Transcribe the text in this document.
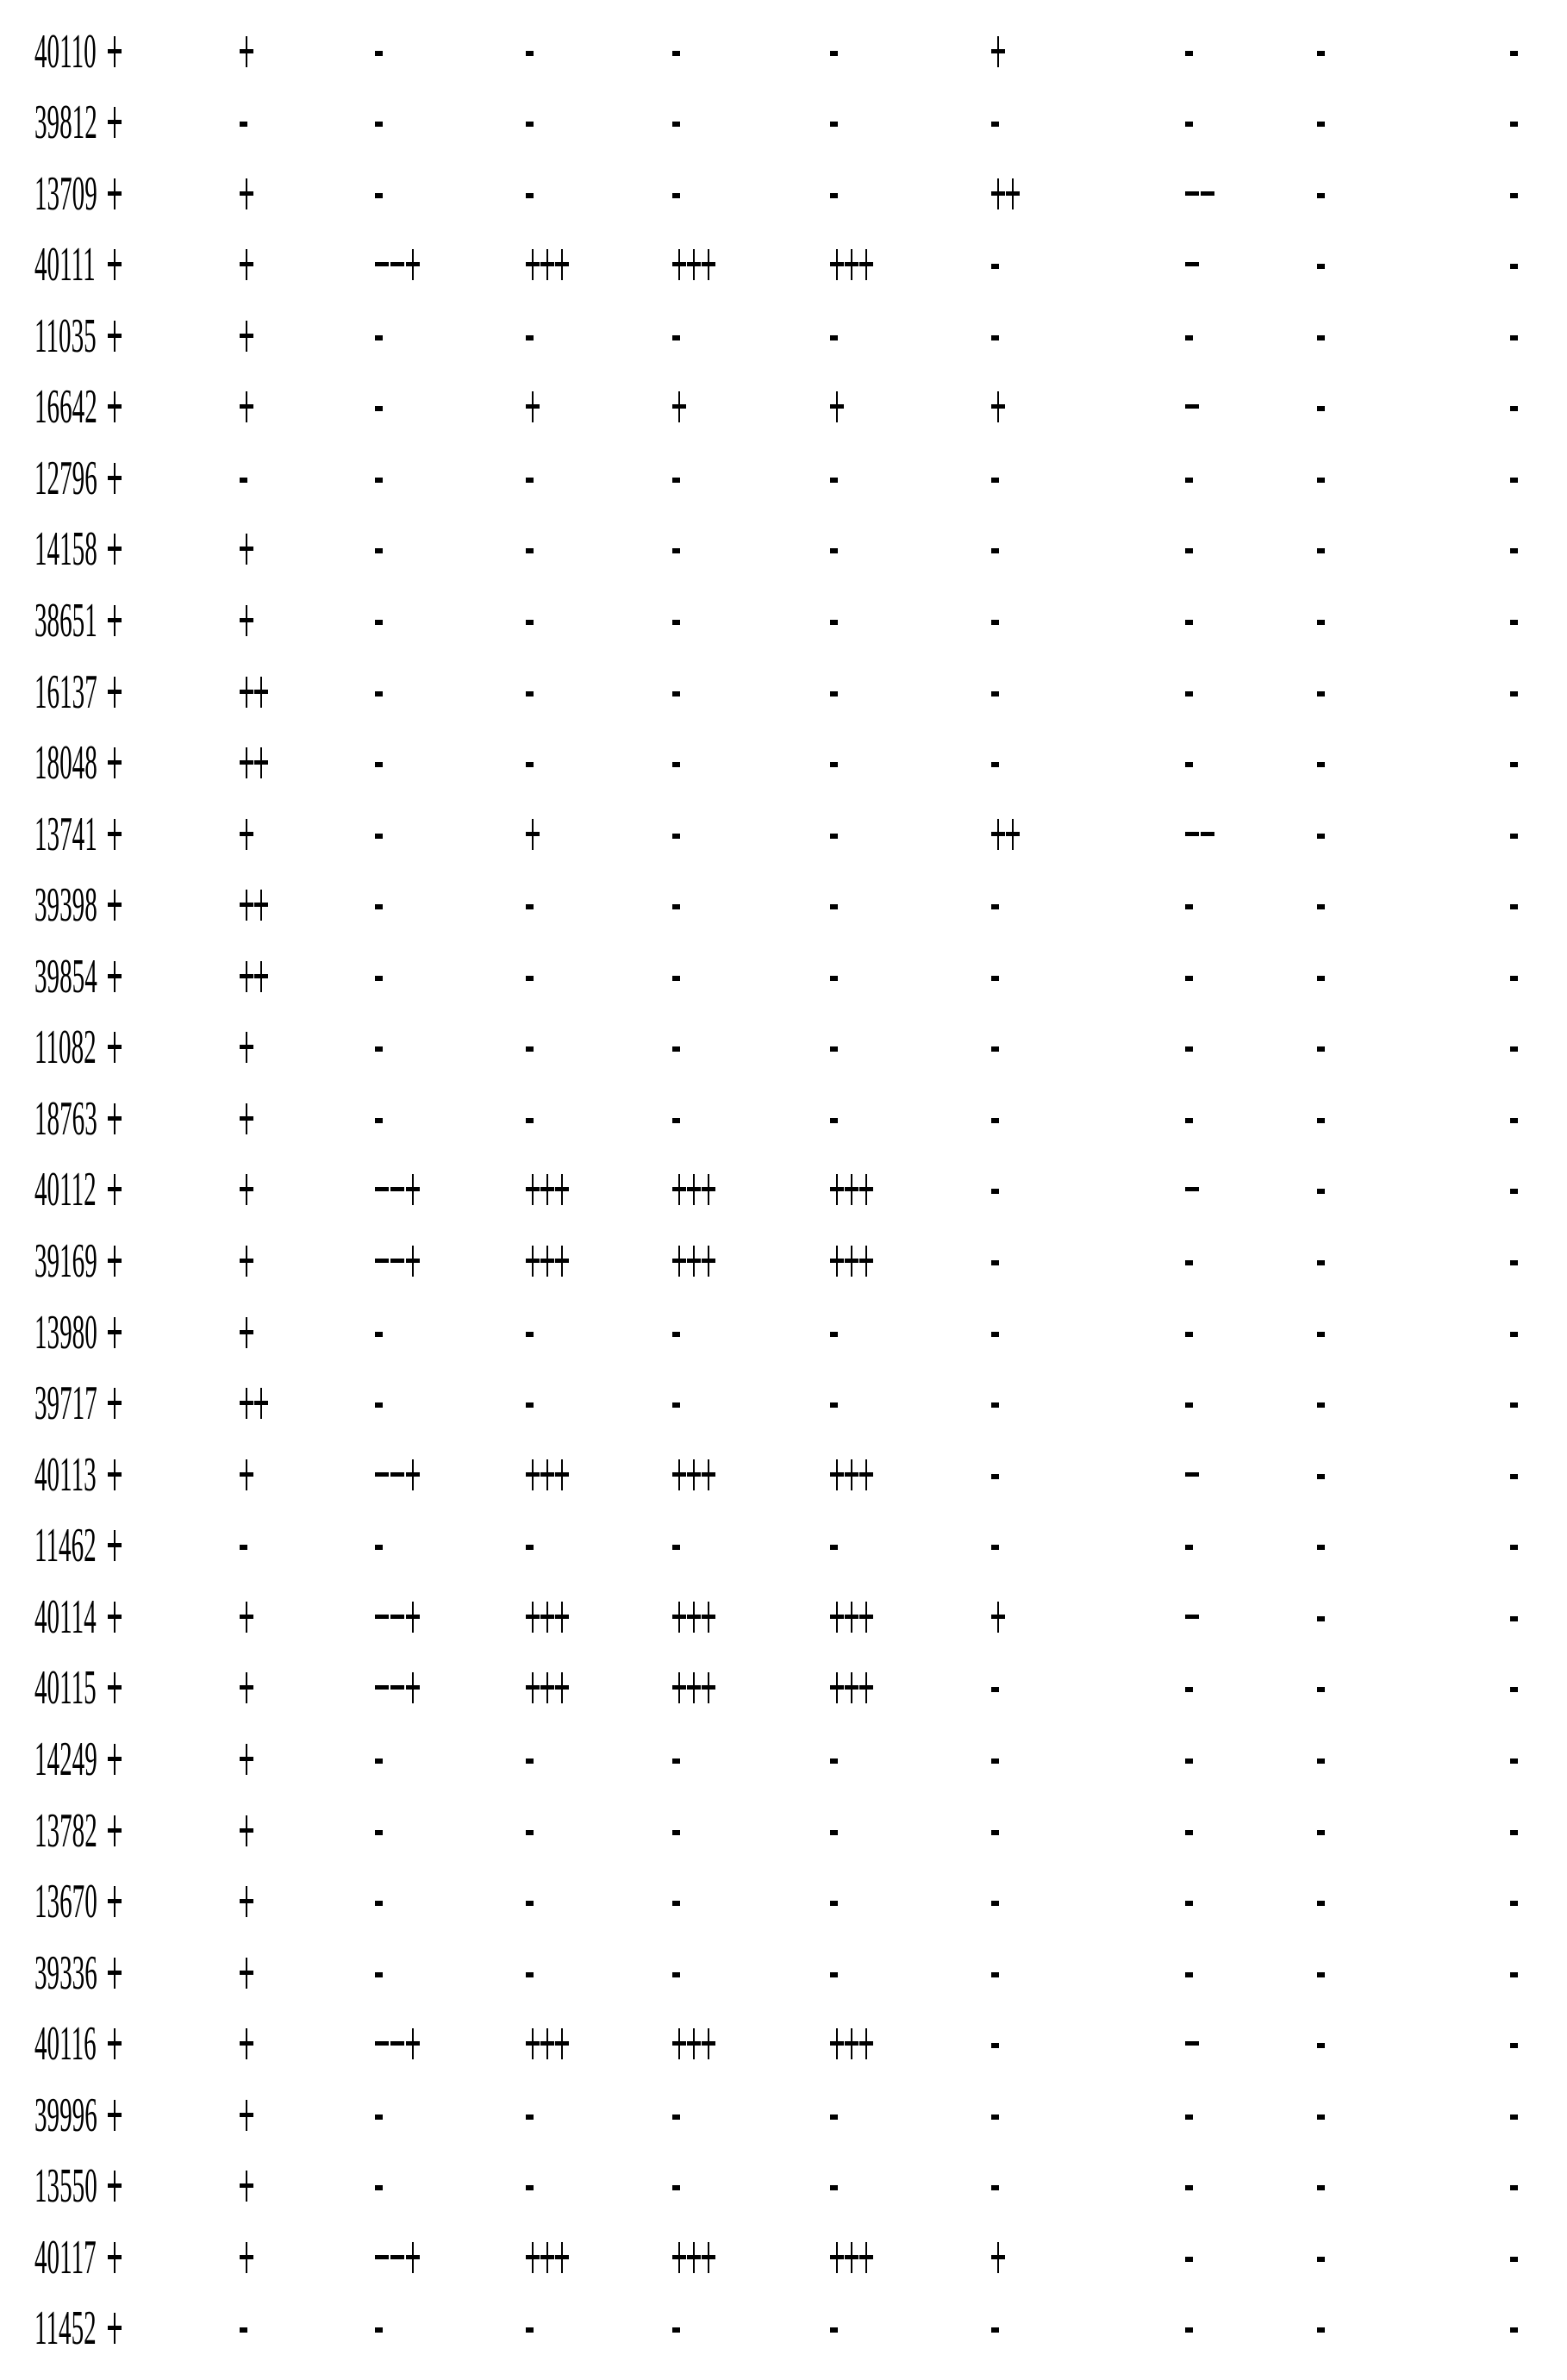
40110
39812
13709
40111
11035
16642
12796
14158
38651
16137
18048
13741
39398
39854
11082
18763
40112
39169
13980
39717
40113
11462
40114
40115
14249
13782
13670
39336
40116
39996
13550
40117
11452
